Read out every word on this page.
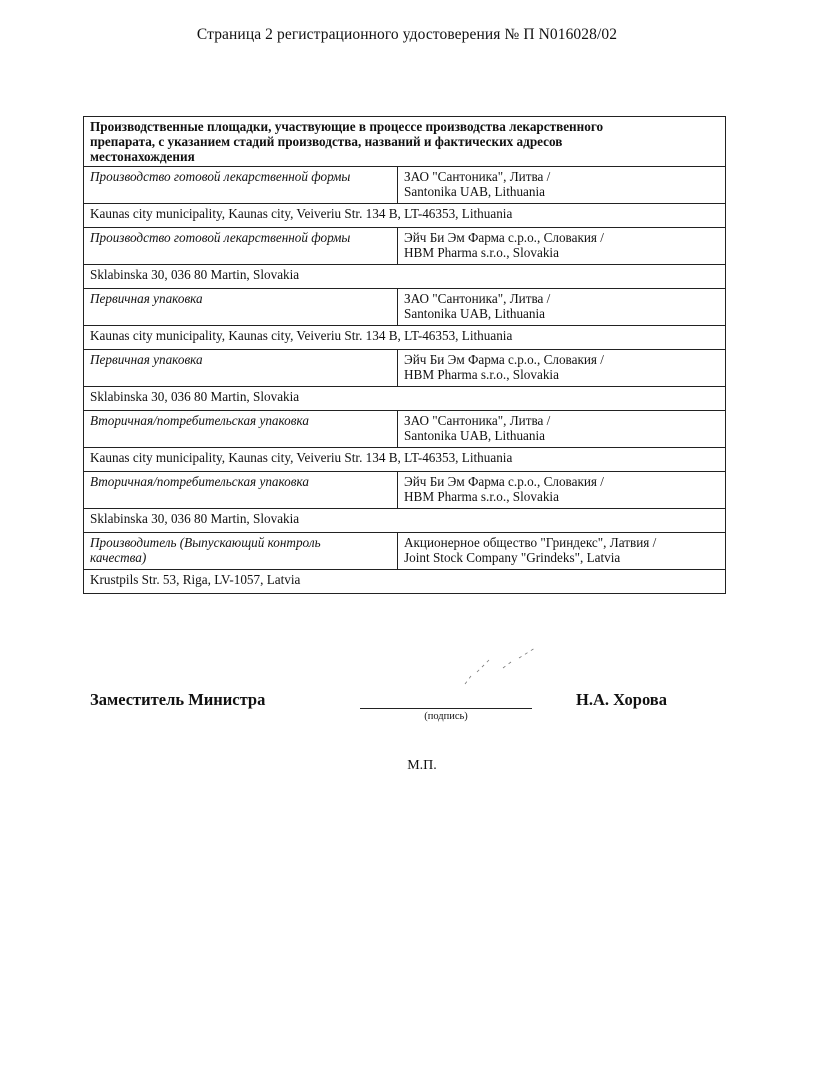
Страница 2 регистрационного удостоверения № П N016028/02
Производственные площадки, участвующие в процессе производства лекарственного
препарата, с указанием стадий производства, названий и фактических адресов
местонахождения	

Производство готовой лекарственной формы	ЗАО "Сантоника", Литва /
Santonika UAB, Lithuania

Kaunas city municipality, Kaunas city, Veiveriu Str. 134 B, LT-46353, Lithuania	

Производство готовой лекарственной формы	Эйч Би Эм Фарма с.р.о., Словакия /
HBM Pharma s.r.o., Slovakia

Sklabinska 30, 036 80 Martin, Slovakia	

Первичная упаковка	ЗАО "Сантоника", Литва /
Santonika UAB, Lithuania

Kaunas city municipality, Kaunas city, Veiveriu Str. 134 B, LT-46353, Lithuania	

Первичная упаковка	Эйч Би Эм Фарма с.р.о., Словакия /
HBM Pharma s.r.o., Slovakia

Sklabinska 30, 036 80 Martin, Slovakia	

Вторичная/потребительская упаковка	ЗАО "Сантоника", Литва /
Santonika UAB, Lithuania

Kaunas city municipality, Kaunas city, Veiveriu Str. 134 B, LT-46353, Lithuania	

Вторичная/потребительская упаковка	Эйч Би Эм Фарма с.р.о., Словакия /
HBM Pharma s.r.o., Slovakia

Sklabinska 30, 036 80 Martin, Slovakia	

Производитель (Выпускающий контроль
качества)	Акционерное общество "Гриндекс", Латвия /
Joint Stock Company "Grindeks", Latvia

Krustpils Str. 53, Riga, LV-1057, Latvia	
Заместитель Министра
(подпись)
Н.А. Хорова
М.П.
